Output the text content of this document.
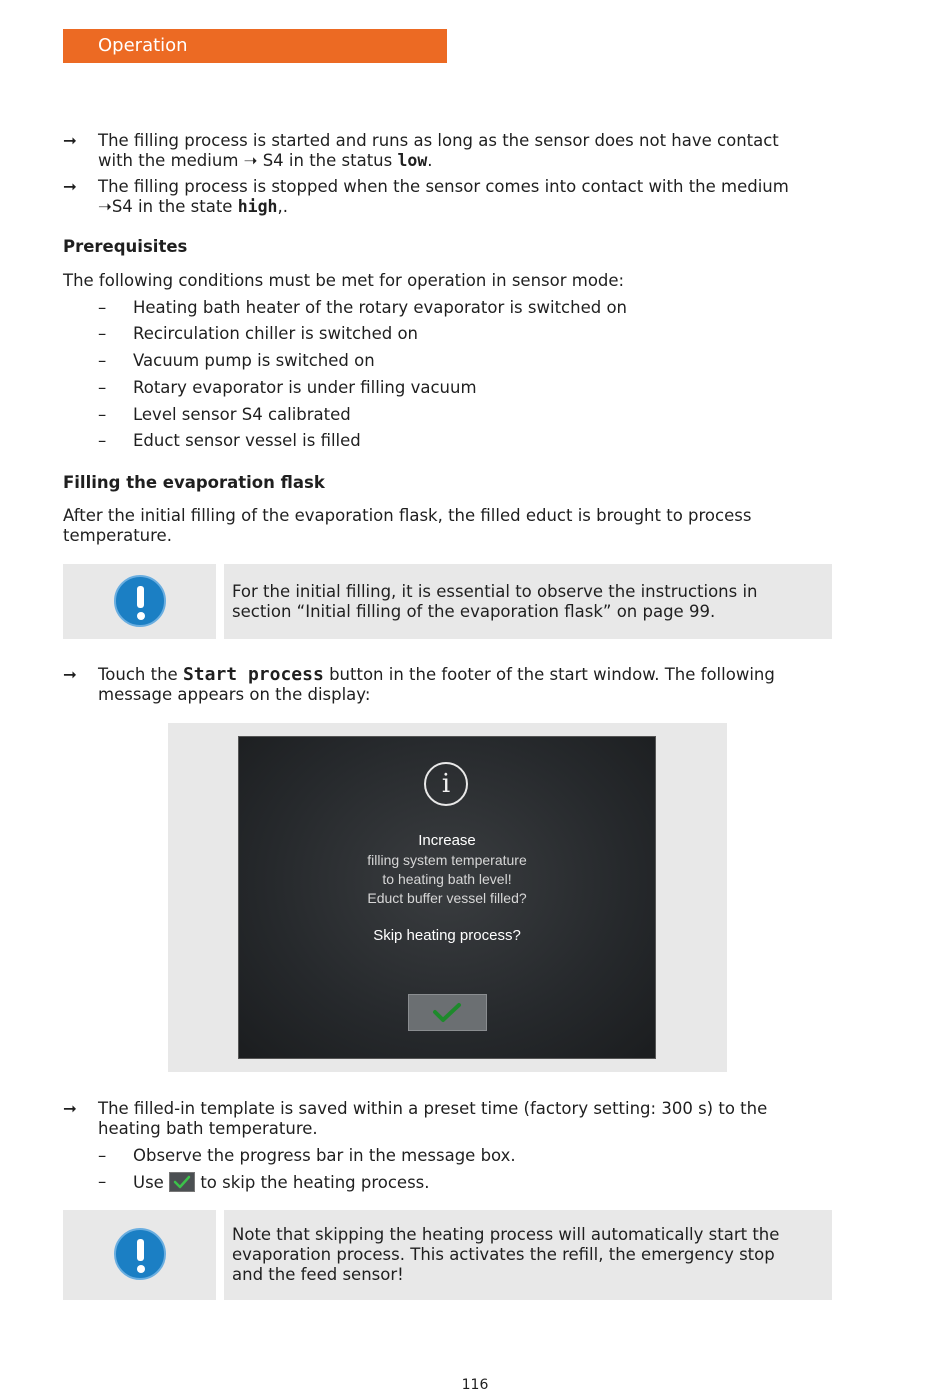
Operation
➞ The filling process is started and runs as long as the sensor does not have contact
with the medium ➝ S4 in the status low.
➞ The filling process is stopped when the sensor comes into contact with the medium
➝S4 in the state high,.
Prerequisites
The following conditions must be met for operation in sensor mode:
– Heating bath heater of the rotary evaporator is switched on
– Recirculation chiller is switched on
– Vacuum pump is switched on
– Rotary evaporator is under filling vacuum
– Level sensor S4 calibrated
– Educt sensor vessel is filled
Filling the evaporation flask
After the initial filling of the evaporation flask, the filled educt is brought to process
temperature.
For the initial filling, it is essential to observe the instructions in
section “Initial filling of the evaporation flask” on page 99.
➞ Touch the Start process button in the footer of the start window. The following
message appears on the display:
i
Increase
filling system temperature
to heating bath level!
Educt buffer vessel filled?
Skip heating process?
➞ The filled-in template is saved within a preset time (factory setting: 300 s) to the
heating bath temperature.
– Observe the progress bar in the message box.
– Use to skip the heating process.
Note that skipping the heating process will automatically start the
evaporation process. This activates the refill, the emergency stop
and the feed sensor!
116
